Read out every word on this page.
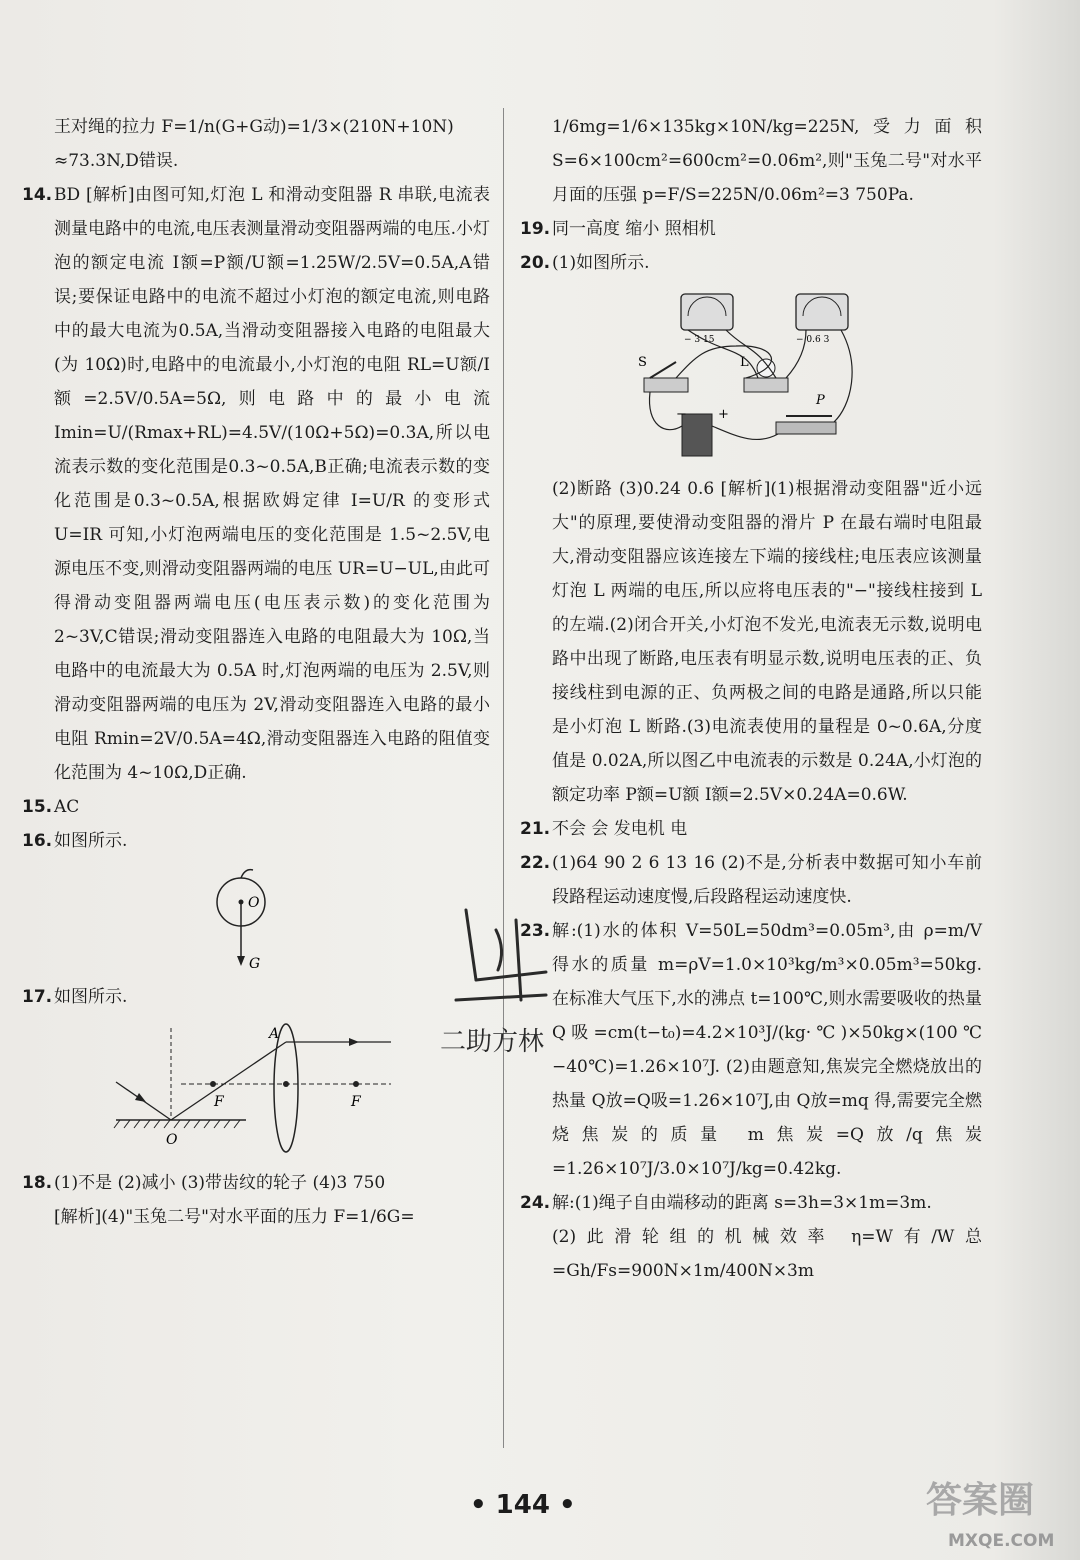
王对绳的拉力 F=1/n(G+G动)=1/3×(210N+10N)
≈73.3N,D错误.
14. BD [解析]由图可知,灯泡 L 和滑动变阻器 R 串联,电流表测量电路中的电流,电压表测量滑动变阻器两端的电压.小灯泡的额定电流 I额=P额/U额=1.25W/2.5V=0.5A,A错误;要保证电路中的电流不超过小灯泡的额定电流,则电路中的最大电流为0.5A,当滑动变阻器接入电路的电阻最大(为 10Ω)时,电路中的电流最小,小灯泡的电阻 RL=U额/I额=2.5V/0.5A=5Ω,则电路中的最小电流 Imin=U/(Rmax+RL)=4.5V/(10Ω+5Ω)=0.3A,所以电流表示数的变化范围是0.3~0.5A,B正确;电流表示数的变化范围是0.3~0.5A,根据欧姆定律 I=U/R 的变形式 U=IR 可知,小灯泡两端电压的变化范围是 1.5~2.5V,电源电压不变,则滑动变阻器两端的电压 UR=U−UL,由此可得滑动变阻器两端电压(电压表示数)的变化范围为 2~3V,C错误;滑动变阻器连入电路的电阻最大为 10Ω,当电路中的电流最大为 0.5A 时,灯泡两端的电压为 2.5V,则滑动变阻器两端的电压为 2V,滑动变阻器连入电路的最小电阻 Rmin=2V/0.5A=4Ω,滑动变阻器连入电路的阻值变化范围为 4~10Ω,D正确.
15. AC
16. 如图所示.
O
G
17. 如图所示.
A
F	F
O
18. (1)不是 (2)减小 (3)带齿纹的轮子 (4)3 750
[解析](4)"玉兔二号"对水平面的压力 F=1/6G=
1/6mg=1/6×135kg×10N/kg=225N,受力面积 S=6×100cm²=600cm²=0.06m²,则"玉兔二号"对水平月面的压强 p=F/S=225N/0.06m²=3 750Pa.
19. 同一高度 缩小 照相机
20. (1)如图所示.
− 3 15	− 0.6 3
S	L
− +
P
(2)断路 (3)0.24 0.6 [解析](1)根据滑动变阻器"近小远大"的原理,要使滑动变阻器的滑片 P 在最右端时电阻最大,滑动变阻器应该连接左下端的接线柱;电压表应该测量灯泡 L 两端的电压,所以应将电压表的"−"接线柱接到 L 的左端.(2)闭合开关,小灯泡不发光,电流表无示数,说明电路中出现了断路,电压表有明显示数,说明电压表的正、负接线柱到电源的正、负两极之间的电路是通路,所以只能是小灯泡 L 断路.(3)电流表使用的量程是 0~0.6A,分度值是 0.02A,所以图乙中电流表的示数是 0.24A,小灯泡的额定功率 P额=U额 I额=2.5V×0.24A=0.6W.
21. 不会 会 发电机 电
22. (1)64 90 2 6 13 16 (2)不是,分析表中数据可知小车前段路程运动速度慢,后段路程运动速度快.
23. 解:(1)水的体积 V=50L=50dm³=0.05m³,由 ρ=m/V 得水的质量 m=ρV=1.0×10³kg/m³×0.05m³=50kg.在标准大气压下,水的沸点 t=100℃,则水需要吸收的热量 Q吸=cm(t−t₀)=4.2×10³J/(kg·℃)×50kg×(100℃−40℃)=1.26×10⁷J. (2)由题意知,焦炭完全燃烧放出的热量 Q放=Q吸=1.26×10⁷J,由 Q放=mq 得,需要完全燃烧焦炭的质量 m焦炭=Q放/q焦炭=1.26×10⁷J/3.0×10⁷J/kg=0.42kg.
24. 解:(1)绳子自由端移动的距离 s=3h=3×1m=3m.
(2)此滑轮组的机械效率 η=W有/W总=Gh/Fs=900N×1m/400N×3m
二助方林
• 144 •	答案圈
MXQE.COM
